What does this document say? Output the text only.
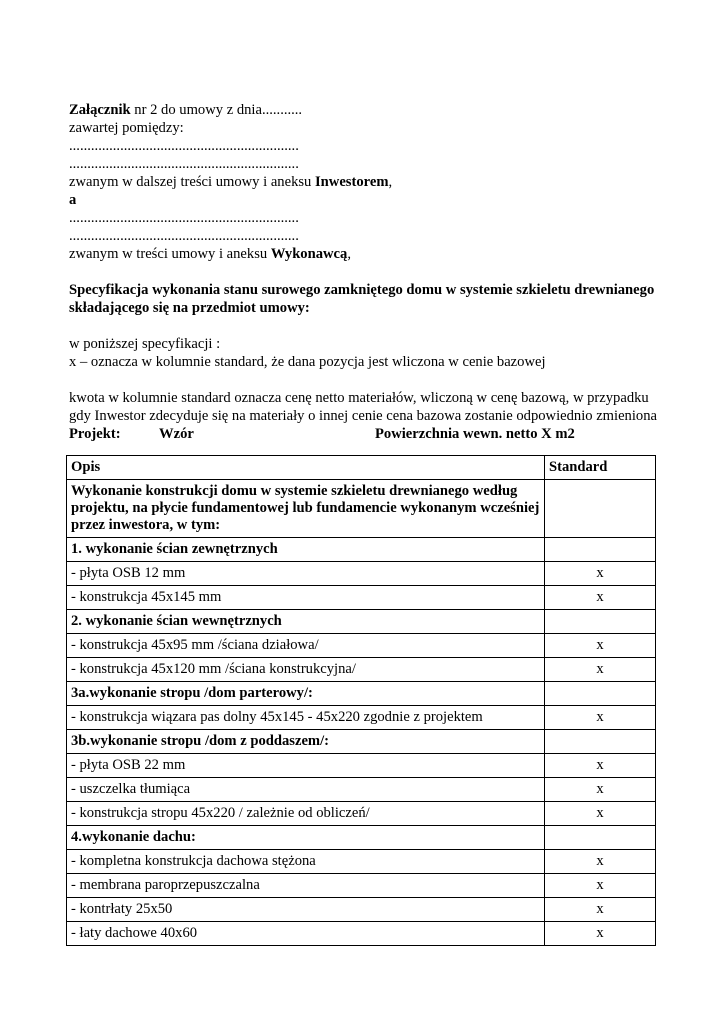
Załącznik nr 2 do umowy z dnia...........
zawartej pomiędzy:
...............................................................
...............................................................
zwanym w dalszej treści umowy i aneksu Inwestorem,
a
...............................................................
...............................................................
zwanym w treści umowy i aneksu Wykonawcą,
Specyfikacja wykonania stanu surowego zamkniętego domu w systemie szkieletu drewnianego składającego się na przedmiot umowy:
w poniższej specyfikacji :
x – oznacza w kolumnie standard, że dana pozycja jest wliczona w cenie bazowej
kwota w kolumnie standard oznacza cenę netto materiałów, wliczoną w cenę bazową, w przypadku gdy Inwestor zdecyduje się na materiały o innej cenie cena bazowa zostanie odpowiednio zmieniona
Projekt:	Wzór	Powierzchnia wewn. netto X m2
Opis	Standard
Wykonanie konstrukcji domu w systemie szkieletu drewnianego według projektu, na płycie fundamentowej lub fundamencie wykonanym wcześniej przez inwestora, w tym:	
1. wykonanie ścian zewnętrznych	
- płyta OSB 12 mm	x
- konstrukcja 45x145 mm	x
2. wykonanie ścian wewnętrznych	
- konstrukcja 45x95 mm /ściana działowa/	x
- konstrukcja 45x120 mm /ściana konstrukcyjna/	x
3a.wykonanie stropu /dom parterowy/:	
- konstrukcja wiązara pas dolny 45x145 - 45x220 zgodnie z projektem	x
3b.wykonanie stropu /dom z poddaszem/:	
- płyta OSB 22 mm	x
- uszczelka tłumiąca	x
- konstrukcja stropu 45x220 / zależnie od obliczeń/	x
4.wykonanie dachu:	
- kompletna konstrukcja dachowa stężona	x
- membrana paroprzepuszczalna	x
- kontrłaty 25x50	x
- łaty dachowe 40x60	x
